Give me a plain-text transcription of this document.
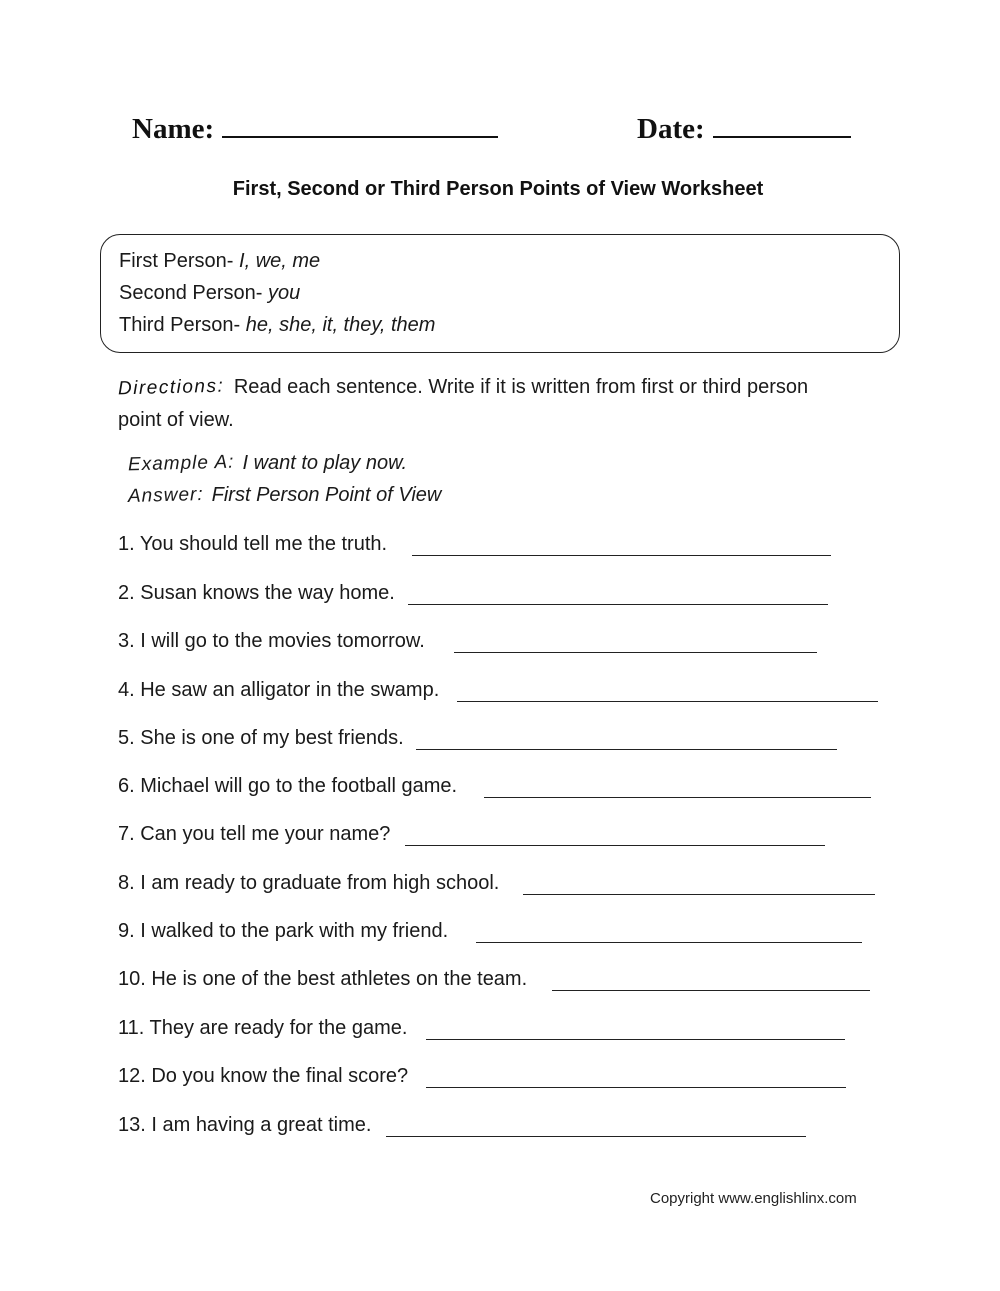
Name:	Date:
First, Second or Third Person Points of View Worksheet
First Person- I, we, me
Second Person- you
Third Person- he, she, it, they, them
Directions: Read each sentence. Write if it is written from first or third person point of view.
Example A: I want to play now.
Answer: First Person Point of View
1. You should tell me the truth.
2. Susan knows the way home.
3. I will go to the movies tomorrow.
4. He saw an alligator in the swamp.
5. She is one of my best friends.
6. Michael will go to the football game.
7. Can you tell me your name?
8. I am ready to graduate from high school.
9. I walked to the park with my friend.
10. He is one of the best athletes on the team.
11. They are ready for the game.
12. Do you know the final score?
13. I am having a great time.
Copyright www.englishlinx.com
